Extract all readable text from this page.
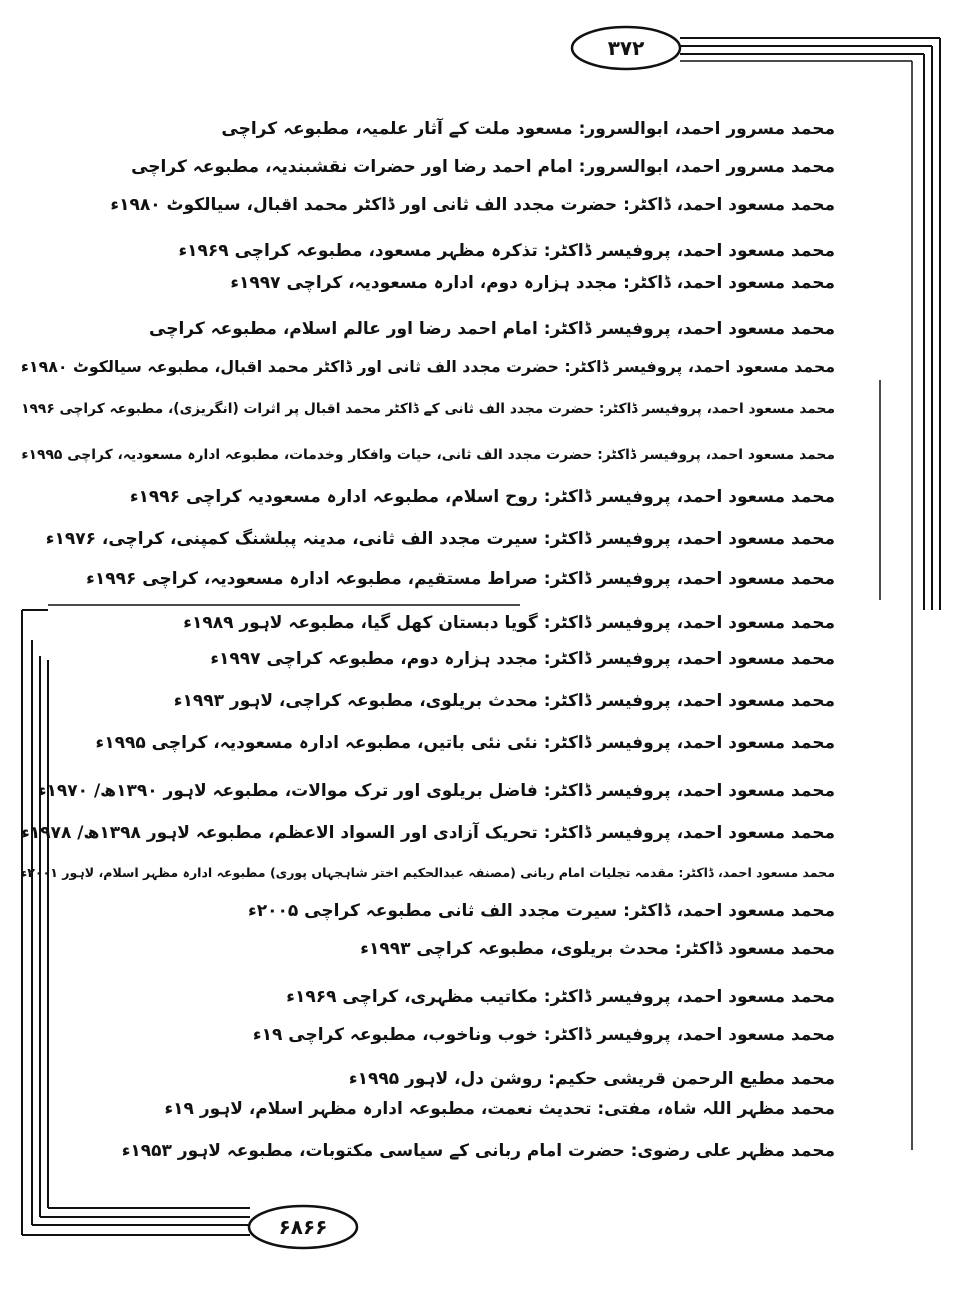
۳۷۲
۶۸۶۶
محمد مسرور احمد، ابوالسرور: مسعود ملت کے آثار علمیہ، مطبوعہ کراچی
محمد مسرور احمد، ابوالسرور: امام احمد رضا اور حضرات نقشبندیہ، مطبوعہ کراچی
محمد مسعود احمد، ڈاکٹر: حضرت مجدد الف ثانی اور ڈاکٹر محمد اقبال، سیالکوٹ ۱۹۸۰ء
محمد مسعود احمد، پروفیسر ڈاکٹر: تذکرہ مظہر مسعود، مطبوعہ کراچی ۱۹۶۹ء
محمد مسعود احمد، ڈاکٹر: مجدد ہزارہ دوم، ادارہ مسعودیہ، کراچی ۱۹۹۷ء
محمد مسعود احمد، پروفیسر ڈاکٹر: امام احمد رضا اور عالم اسلام، مطبوعہ کراچی
محمد مسعود احمد، پروفیسر ڈاکٹر: حضرت مجدد الف ثانی اور ڈاکٹر محمد اقبال، مطبوعہ سیالکوٹ ۱۹۸۰ء
محمد مسعود احمد، پروفیسر ڈاکٹر: حضرت مجدد الف ثانی کے ڈاکٹر محمد اقبال پر اثرات (انگریزی)، مطبوعہ کراچی ۱۹۹۶
محمد مسعود احمد، پروفیسر ڈاکٹر: حضرت مجدد الف ثانی، حیات وافکار وخدمات، مطبوعہ ادارہ مسعودیہ، کراچی ۱۹۹۵ء
محمد مسعود احمد، پروفیسر ڈاکٹر: روح اسلام، مطبوعہ ادارہ مسعودیہ کراچی ۱۹۹۶ء
محمد مسعود احمد، پروفیسر ڈاکٹر: سیرت مجدد الف ثانی، مدینہ پبلشنگ کمپنی، کراچی، ۱۹۷۶ء
محمد مسعود احمد، پروفیسر ڈاکٹر: صراط مستقیم، مطبوعہ ادارہ مسعودیہ، کراچی ۱۹۹۶ء
محمد مسعود احمد، پروفیسر ڈاکٹر: گویا دبستان کھل گیا، مطبوعہ لاہور ۱۹۸۹ء
محمد مسعود احمد، پروفیسر ڈاکٹر: مجدد ہزارہ دوم، مطبوعہ کراچی ۱۹۹۷ء
محمد مسعود احمد، پروفیسر ڈاکٹر: محدث بریلوی، مطبوعہ کراچی، لاہور ۱۹۹۳ء
محمد مسعود احمد، پروفیسر ڈاکٹر: نئی نئی باتیں، مطبوعہ ادارہ مسعودیہ، کراچی ۱۹۹۵ء
محمد مسعود احمد، پروفیسر ڈاکٹر: فاضل بریلوی اور ترک موالات، مطبوعہ لاہور ۱۳۹۰ھ/ ۱۹۷۰ء
محمد مسعود احمد، پروفیسر ڈاکٹر: تحریک آزادی اور السواد الاعظم، مطبوعہ لاہور ۱۳۹۸ھ/ ۱۹۷۸ء
محمد مسعود احمد، ڈاکٹر: مقدمہ تجلیات امام ربانی (مصنفہ عبدالحکیم اختر شاہجہاں پوری) مطبوعہ ادارہ مظہر اسلام، لاہور ۲۰۰۱ء
محمد مسعود احمد، ڈاکٹر: سیرت مجدد الف ثانی مطبوعہ کراچی ۲۰۰۵ء
محمد مسعود ڈاکٹر: محدث بریلوی، مطبوعہ کراچی ۱۹۹۳ء
محمد مسعود احمد، پروفیسر ڈاکٹر: مکاتیب مظہری، کراچی ۱۹۶۹ء
محمد مسعود احمد، پروفیسر ڈاکٹر: خوب وناخوب، مطبوعہ کراچی ۱۹ء
محمد مطیع الرحمن قریشی حکیم: روشن دل، لاہور ۱۹۹۵ء
محمد مظہر اللہ شاہ، مفتی: تحدیث نعمت، مطبوعہ ادارہ مظہر اسلام، لاہور ۱۹ء
محمد مظہر علی رضوی: حضرت امام ربانی کے سیاسی مکتوبات، مطبوعہ لاہور ۱۹۵۳ء
